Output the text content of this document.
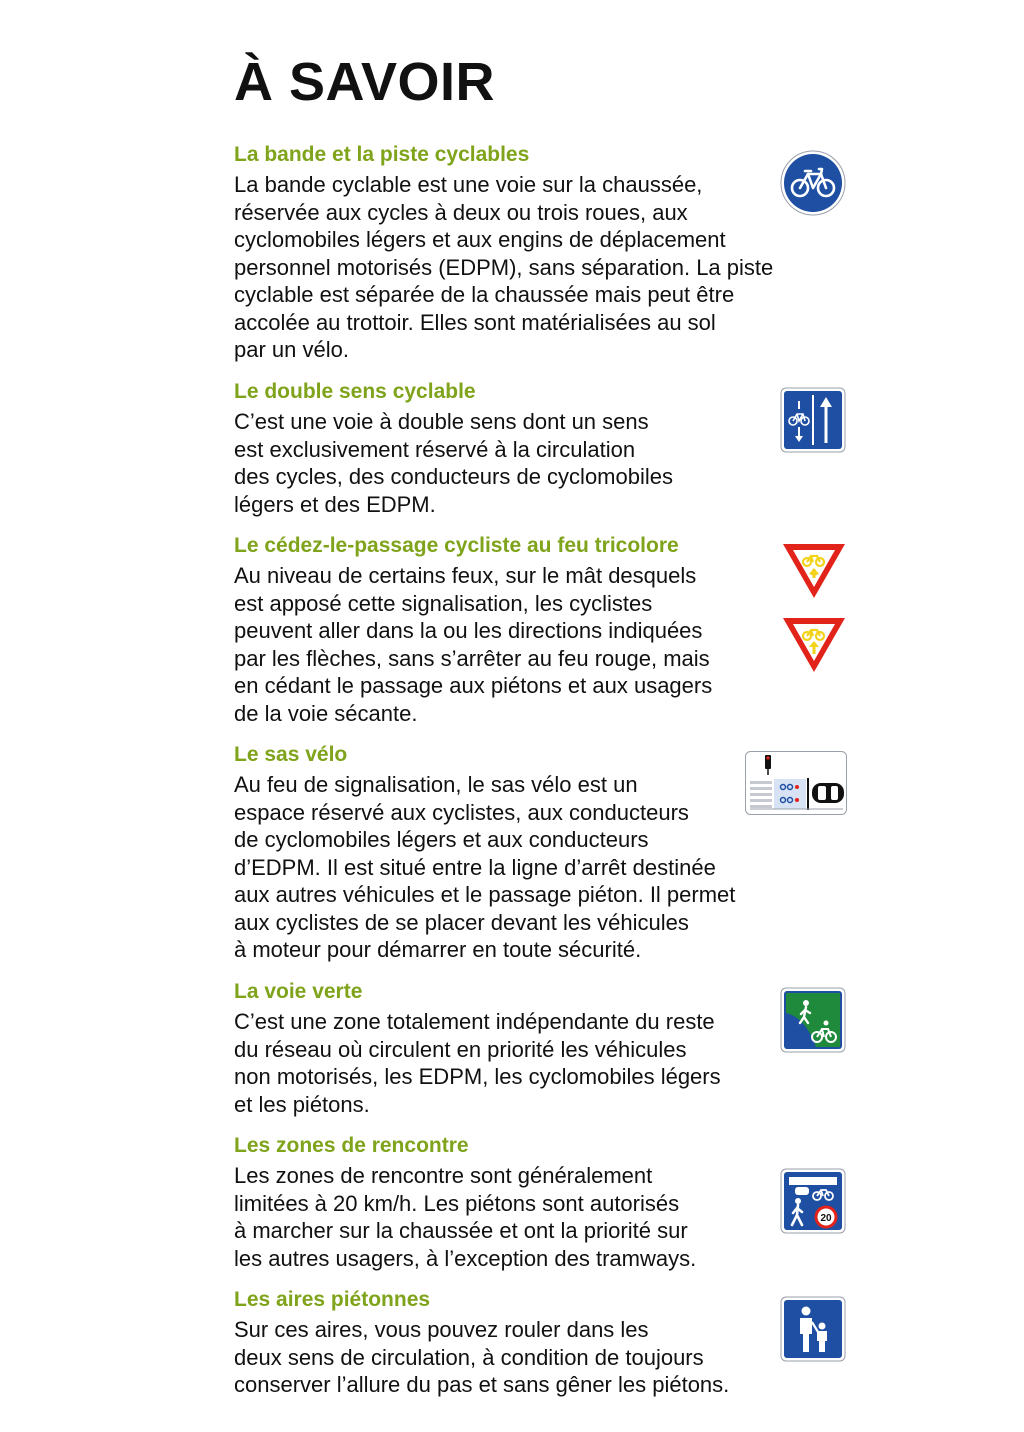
À SAVOIR
La bande et la piste cyclables

La bande cyclable est une voie sur la chaussée,
réservée aux cycles à deux ou trois roues, aux
cyclomobiles légers et aux engins de déplacement
personnel motorisés (EDPM), sans séparation. La piste
cyclable est séparée de la chaussée mais peut être
accolée au trottoir. Elles sont matérialisées au sol
par un vélo.

Le double sens cyclable

C’est une voie à double sens dont un sens
est exclusivement réservé à la circulation
des cycles, des conducteurs de cyclomobiles
légers et des EDPM.

Le cédez-le-passage cycliste au feu tricolore

Au niveau de certains feux, sur le mât desquels
est apposé cette signalisation, les cyclistes
peuvent aller dans la ou les directions indiquées
par les flèches, sans s’arrêter au feu rouge, mais
en cédant le passage aux piétons et aux usagers
de la voie sécante.

Le sas vélo

Au feu de signalisation, le sas vélo est un
espace réservé aux cyclistes, aux conducteurs
de cyclomobiles légers et aux conducteurs
d’EDPM. Il est situé entre la ligne d’arrêt destinée
aux autres véhicules et le passage piéton. Il permet
aux cyclistes de se placer devant les véhicules
à moteur pour démarrer en toute sécurité.

La voie verte

C’est une zone totalement indépendante du reste
du réseau où circulent en priorité les véhicules
non motorisés, les EDPM, les cyclomobiles légers
et les piétons.

Les zones de rencontre

Les zones de rencontre sont généralement
limitées à 20 km/h. Les piétons sont autorisés
à marcher sur la chaussée et ont la priorité sur
les autres usagers, à l’exception des tramways.

20
Les aires piétonnes

Sur ces aires, vous pouvez rouler dans les
deux sens de circulation, à condition de toujours
conserver l’allure du pas et sans gêner les piétons.
